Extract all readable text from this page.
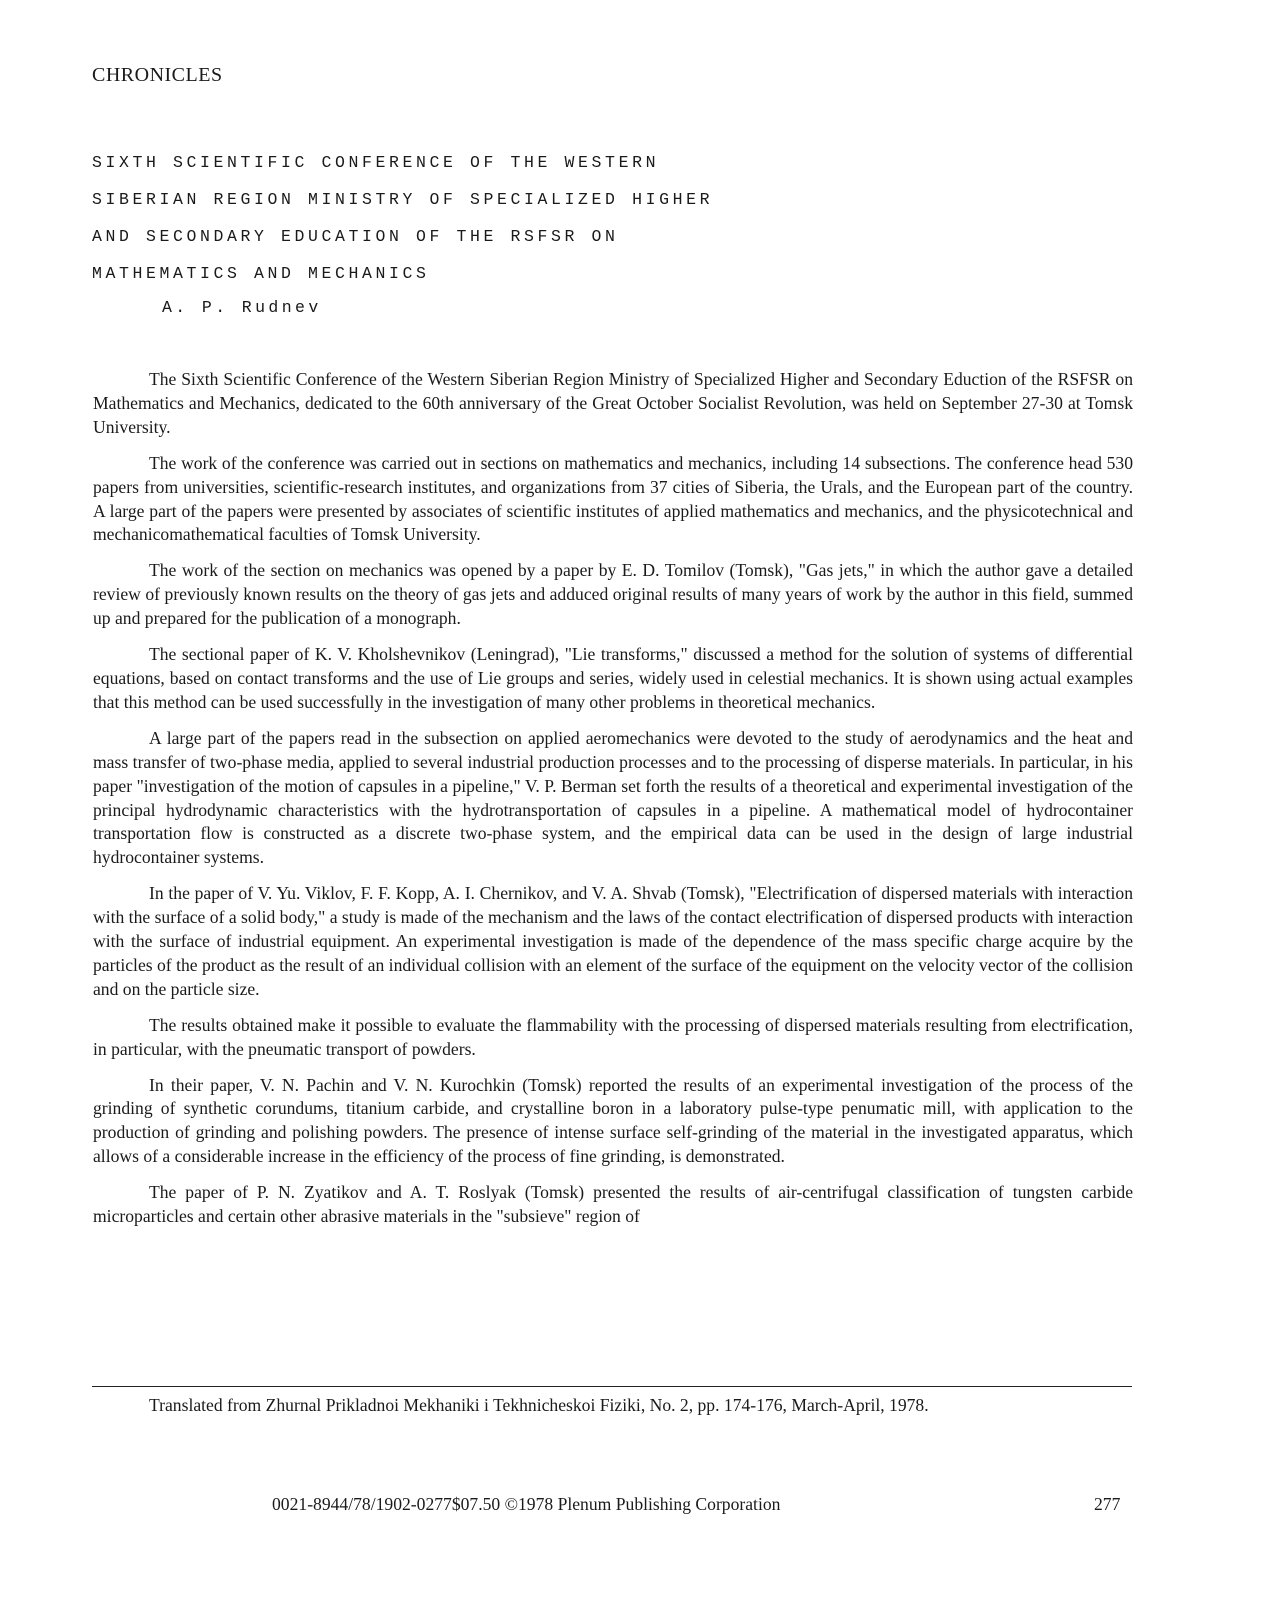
CHRONICLES
SIXTH SCIENTIFIC CONFERENCE OF THE WESTERN
SIBERIAN REGION MINISTRY OF SPECIALIZED HIGHER
AND SECONDARY EDUCATION OF THE RSFSR ON
MATHEMATICS AND MECHANICS
A. P. Rudnev

The Sixth Scientific Conference of the Western Siberian Region Ministry of Specialized Higher and Secondary Eduction of the RSFSR on Mathematics and Mechanics, dedicated to the 60th anniversary of the Great October Socialist Revolution, was held on September 27-30 at Tomsk University.

The work of the conference was carried out in sections on mathematics and mechanics, including 14 subsections. The conference head 530 papers from universities, scientific-research institutes, and organizations from 37 cities of Siberia, the Urals, and the European part of the country. A large part of the papers were presented by associates of scientific institutes of applied mathematics and mechanics, and the physicotechnical and mechanicomathematical faculties of Tomsk University.

The work of the section on mechanics was opened by a paper by E. D. Tomilov (Tomsk), "Gas jets," in which the author gave a detailed review of previously known results on the theory of gas jets and adduced original results of many years of work by the author in this field, summed up and prepared for the publication of a monograph.

The sectional paper of K. V. Kholshevnikov (Leningrad), "Lie transforms," discussed a method for the solution of systems of differential equations, based on contact transforms and the use of Lie groups and series, widely used in celestial mechanics. It is shown using actual examples that this method can be used successfully in the investigation of many other problems in theoretical mechanics.

A large part of the papers read in the subsection on applied aeromechanics were devoted to the study of aerodynamics and the heat and mass transfer of two-phase media, applied to several industrial production processes and to the processing of disperse materials. In particular, in his paper "investigation of the motion of capsules in a pipeline," V. P. Berman set forth the results of a theoretical and experimental investigation of the principal hydrodynamic characteristics with the hydrotransportation of capsules in a pipeline. A mathematical model of hydrocontainer transportation flow is constructed as a discrete two-phase system, and the empirical data can be used in the design of large industrial hydrocontainer systems.

In the paper of V. Yu. Viklov, F. F. Kopp, A. I. Chernikov, and V. A. Shvab (Tomsk), "Electrification of dispersed materials with interaction with the surface of a solid body," a study is made of the mechanism and the laws of the contact electrification of dispersed products with interaction with the surface of industrial equipment. An experimental investigation is made of the dependence of the mass specific charge acquire by the particles of the product as the result of an individual collision with an element of the surface of the equipment on the velocity vector of the collision and on the particle size.

The results obtained make it possible to evaluate the flammability with the processing of dispersed materials resulting from electrification, in particular, with the pneumatic transport of powders.

In their paper, V. N. Pachin and V. N. Kurochkin (Tomsk) reported the results of an experimental investigation of the process of the grinding of synthetic corundums, titanium carbide, and crystalline boron in a laboratory pulse-type penumatic mill, with application to the production of grinding and polishing powders. The presence of intense surface self-grinding of the material in the investigated apparatus, which allows of a considerable increase in the efficiency of the process of fine grinding, is demonstrated.

The paper of P. N. Zyatikov and A. T. Roslyak (Tomsk) presented the results of air-centrifugal classification of tungsten carbide microparticles and certain other abrasive materials in the "subsieve" region of

Translated from Zhurnal Prikladnoi Mekhaniki i Tekhnicheskoi Fiziki, No. 2, pp. 174-176, March-April, 1978.
0021-8944/78/1902-0277$07.50 ©1978 Plenum Publishing Corporation	277
